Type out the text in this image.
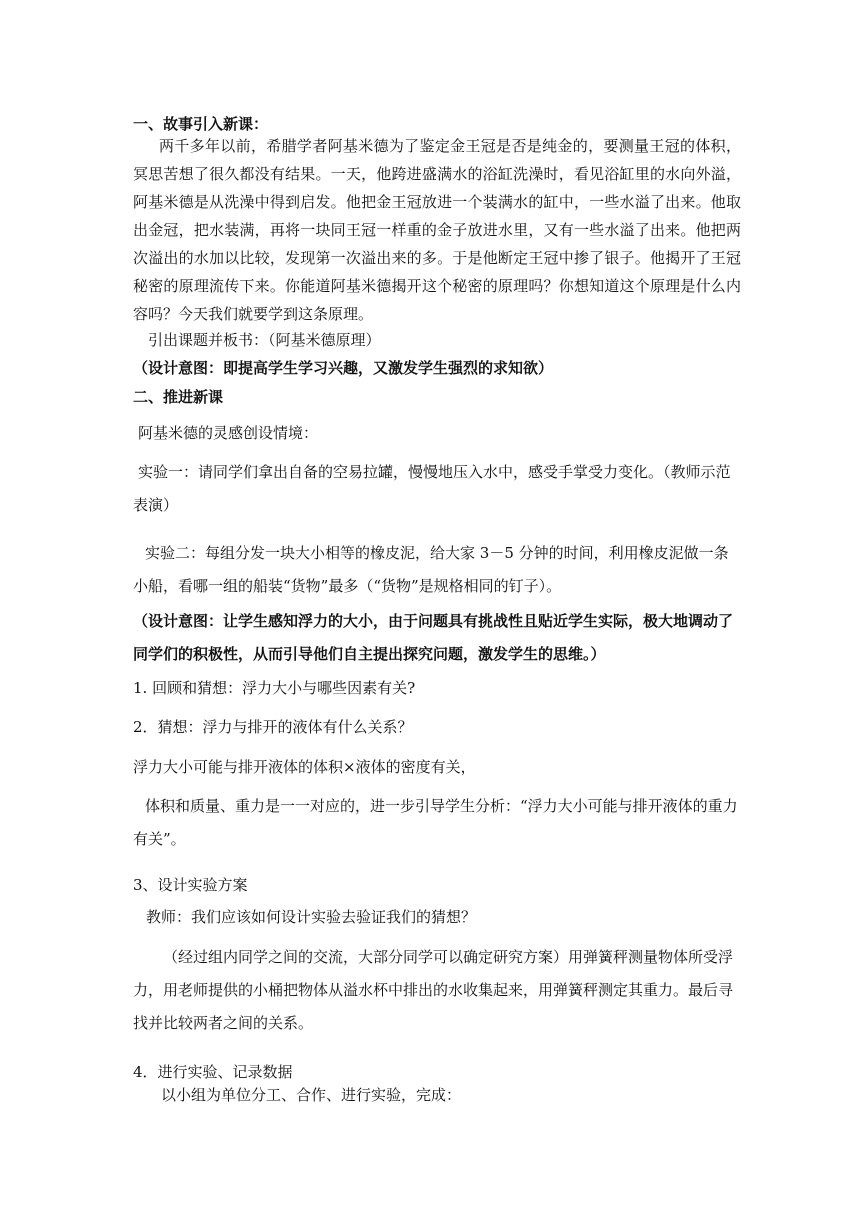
一、故事引入新课：

两千多年以前，希腊学者阿基米德为了鉴定金王冠是否是纯金的，要测量王冠的体积，冥思苦想了很久都没有结果。一天，他跨进盛满水的浴缸洗澡时，看见浴缸里的水向外溢，阿基米德是从洗澡中得到启发。他把金王冠放进一个装满水的缸中，一些水溢了出来。他取出金冠，把水装满，再将一块同王冠一样重的金子放进水里，又有一些水溢了出来。他把两次溢出的水加以比较，发现第一次溢出来的多。于是他断定王冠中掺了银子。他揭开了王冠秘密的原理流传下来。你能道阿基米德揭开这个秘密的原理吗？你想知道这个原理是什么内容吗？今天我们就要学到这条原理。

引出课题并板书：（阿基米德原理）

（设计意图：即提高学生学习兴趣，又激发学生强烈的求知欲）

二、推进新课

阿基米德的灵感创设情境：

实验一：请同学们拿出自备的空易拉罐，慢慢地压入水中，感受手掌受力变化。（教师示范表演）

实验二：每组分发一块大小相等的橡皮泥，给大家 3－5 分钟的时间，利用橡皮泥做一条小船，看哪一组的船装“货物”最多（“货物”是规格相同的钉子）。

（设计意图：让学生感知浮力的大小，由于问题具有挑战性且贴近学生实际，极大地调动了同学们的积极性，从而引导他们自主提出探究问题，激发学生的思维。）

1. 回顾和猜想：浮力大小与哪些因素有关?

2．猜想：浮力与排开的液体有什么关系？

浮力大小可能与排开液体的体积×液体的密度有关，

体积和质量、重力是一一对应的，进一步引导学生分析：“浮力大小可能与排开液体的重力有关”。

3、设计实验方案

教师：我们应该如何设计实验去验证我们的猜想？

（经过组内同学之间的交流，大部分同学可以确定研究方案）用弹簧秤测量物体所受浮力，用老师提供的小桶把物体从溢水杯中排出的水收集起来，用弹簧秤测定其重力。最后寻找并比较两者之间的关系。

4．进行实验、记录数据

以小组为单位分工、合作、进行实验，完成：
